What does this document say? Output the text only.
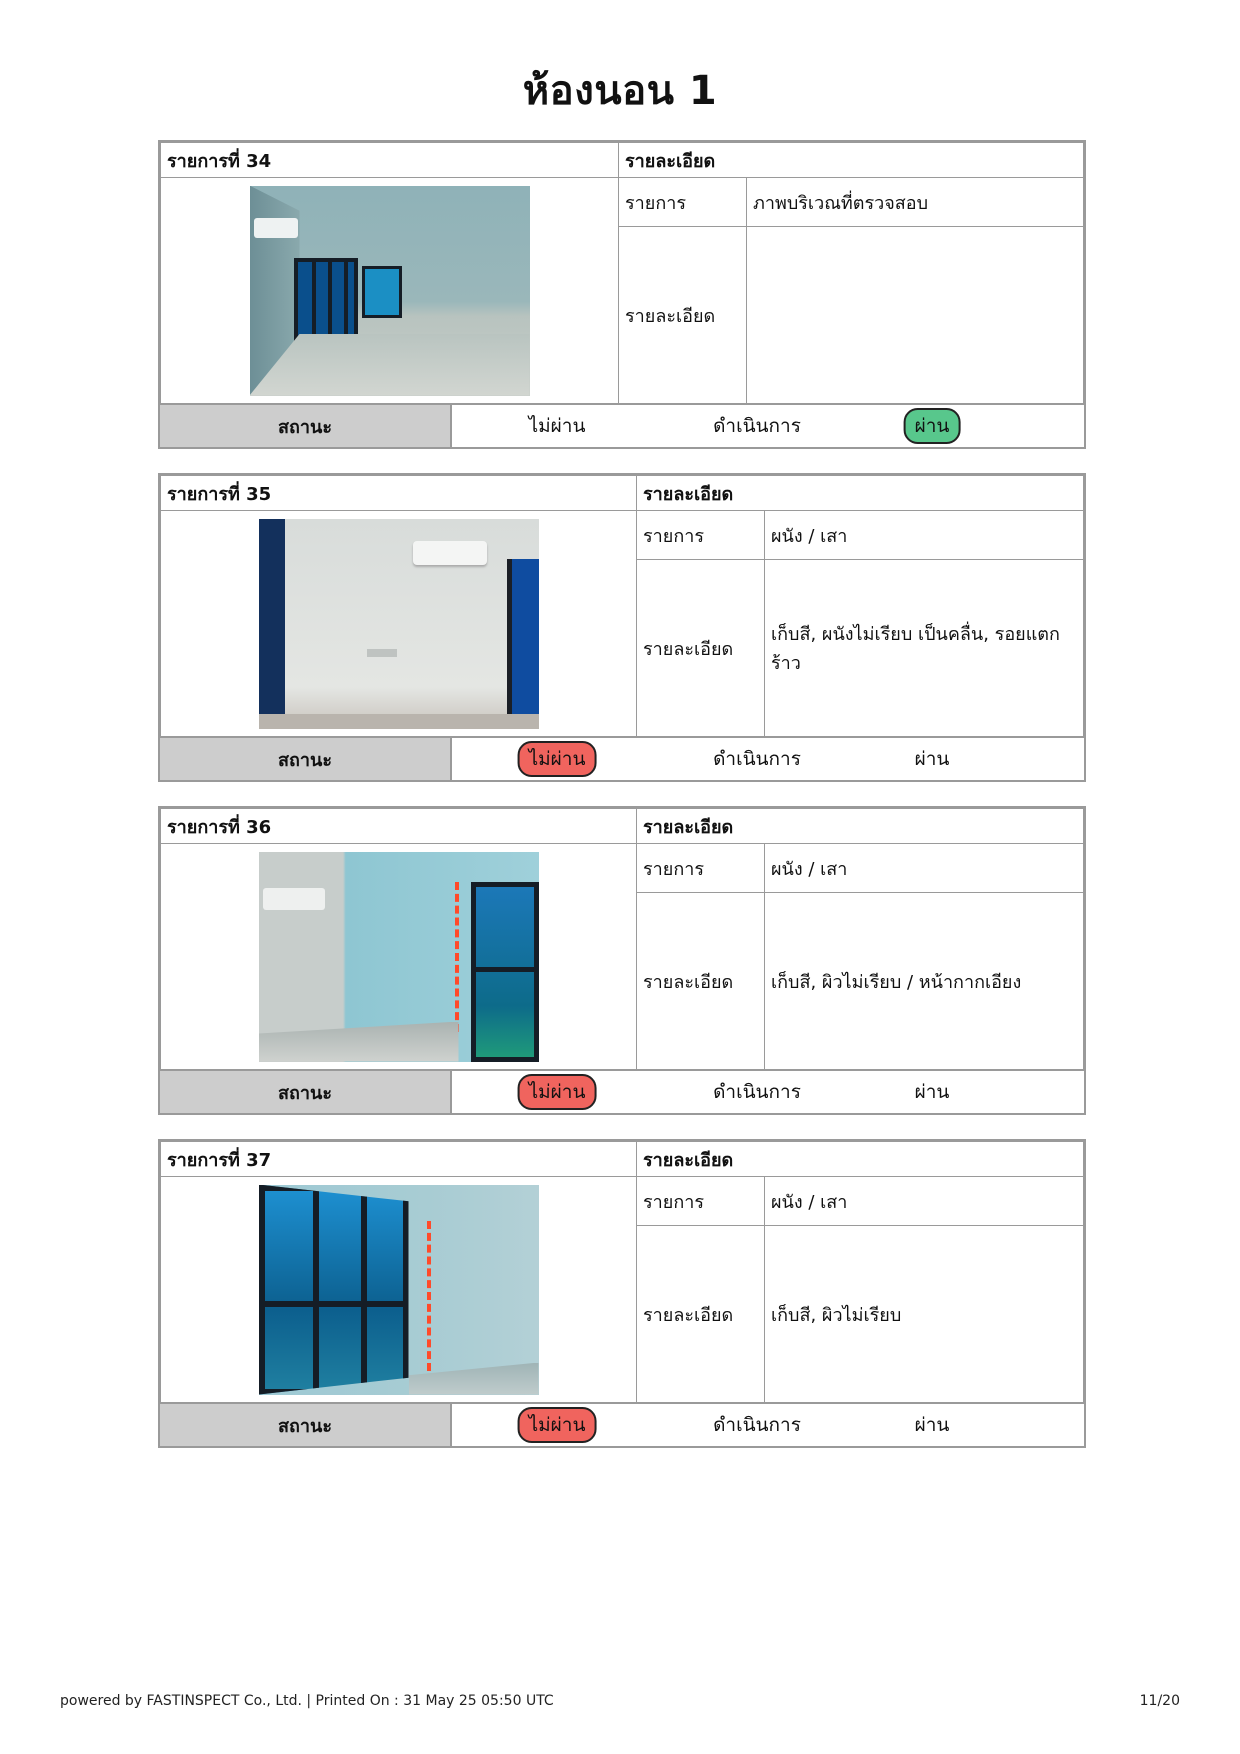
ห้องนอน 1
รายการที่ 34	รายละเอียด	

	รายการ	ภาพบริเวณที่ตรวจสอบ
	รายละเอียด	
สถานะ	ไม่ผ่าน	ดำเนินการ	ผ่าน
รายการที่ 35	รายละเอียด	

	รายการ	ผนัง / เสา
	รายละเอียด	เก็บสี, ผนังไม่เรียบ เป็นคลื่น, รอยแตกร้าว
สถานะ	ไม่ผ่าน	ดำเนินการ	ผ่าน
รายการที่ 36	รายละเอียด	

	รายการ	ผนัง / เสา
	รายละเอียด	เก็บสี, ผิวไม่เรียบ / หน้ากากเอียง
สถานะ	ไม่ผ่าน	ดำเนินการ	ผ่าน
รายการที่ 37	รายละเอียด	

	รายการ	ผนัง / เสา
	รายละเอียด	เก็บสี, ผิวไม่เรียบ
สถานะ	ไม่ผ่าน	ดำเนินการ	ผ่าน
powered by FASTINSPECT Co., Ltd. | Printed On : 31 May 25 05:50 UTC	11/20
